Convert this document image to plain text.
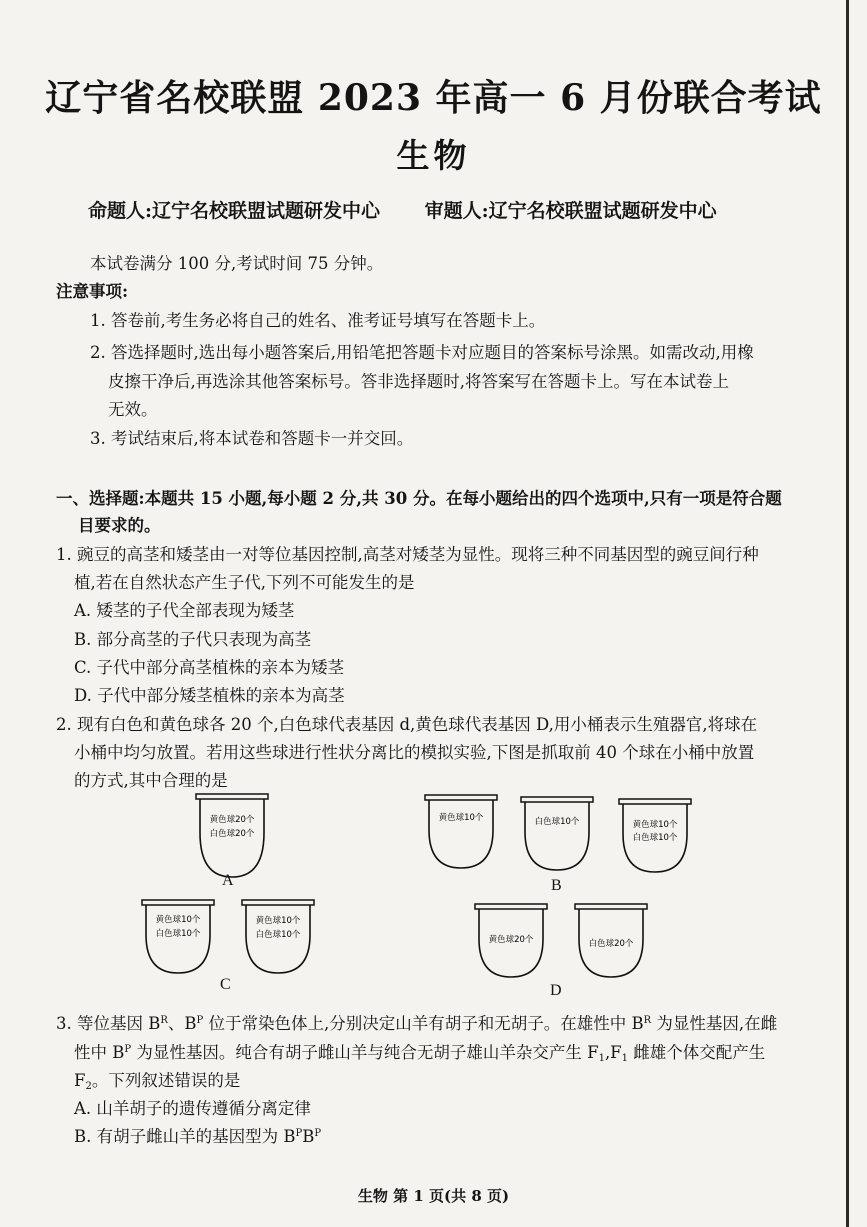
辽宁省名校联盟 2023 年高一 6 月份联合考试
生物
命题人:辽宁名校联盟试题研发中心 审题人:辽宁名校联盟试题研发中心
本试卷满分 100 分,考试时间 75 分钟。
注意事项:
1. 答卷前,考生务必将自己的姓名、准考证号填写在答题卡上。
2. 答选择题时,选出每小题答案后,用铅笔把答题卡对应题目的答案标号涂黑。如需改动,用橡
皮擦干净后,再选涂其他答案标号。答非选择题时,将答案写在答题卡上。写在本试卷上
无效。
3. 考试结束后,将本试卷和答题卡一并交回。
一、选择题:本题共 15 小题,每小题 2 分,共 30 分。在每小题给出的四个选项中,只有一项是符合题
目要求的。
1. 豌豆的高茎和矮茎由一对等位基因控制,高茎对矮茎为显性。现将三种不同基因型的豌豆间行种
植,若在自然状态产生子代,下列不可能发生的是
A. 矮茎的子代全部表现为矮茎
B. 部分高茎的子代只表现为高茎
C. 子代中部分高茎植株的亲本为矮茎
D. 子代中部分矮茎植株的亲本为高茎
2. 现有白色和黄色球各 20 个,白色球代表基因 d,黄色球代表基因 D,用小桶表示生殖器官,将球在
小桶中均匀放置。若用这些球进行性状分离比的模拟实验,下图是抓取前 40 个球在小桶中放置
的方式,其中合理的是
黄色球20个
白色球20个
A
黄色球10个	白色球10个	黄色球10个
白色球10个
B
黄色球10个
白色球10个
黄色球10个
白色球10个
C
黄色球20个	白色球20个
D
3. 等位基因 $B^R$、$B^P$ 位于常染色体上,分别决定山羊有胡子和无胡子。在雄性中 $B^R$ 为显性基因,在雌
性中 $B^P$ 为显性基因。纯合有胡子雌山羊与纯合无胡子雄山羊杂交产生 $F_1,F_1$ 雌雄个体交配产生
$F_2$。下列叙述错误的是
A. 山羊胡子的遗传遵循分离定律
B. 有胡子雌山羊的基因型为 $B^PB^P$
生物 第 1 页(共 8 页)
